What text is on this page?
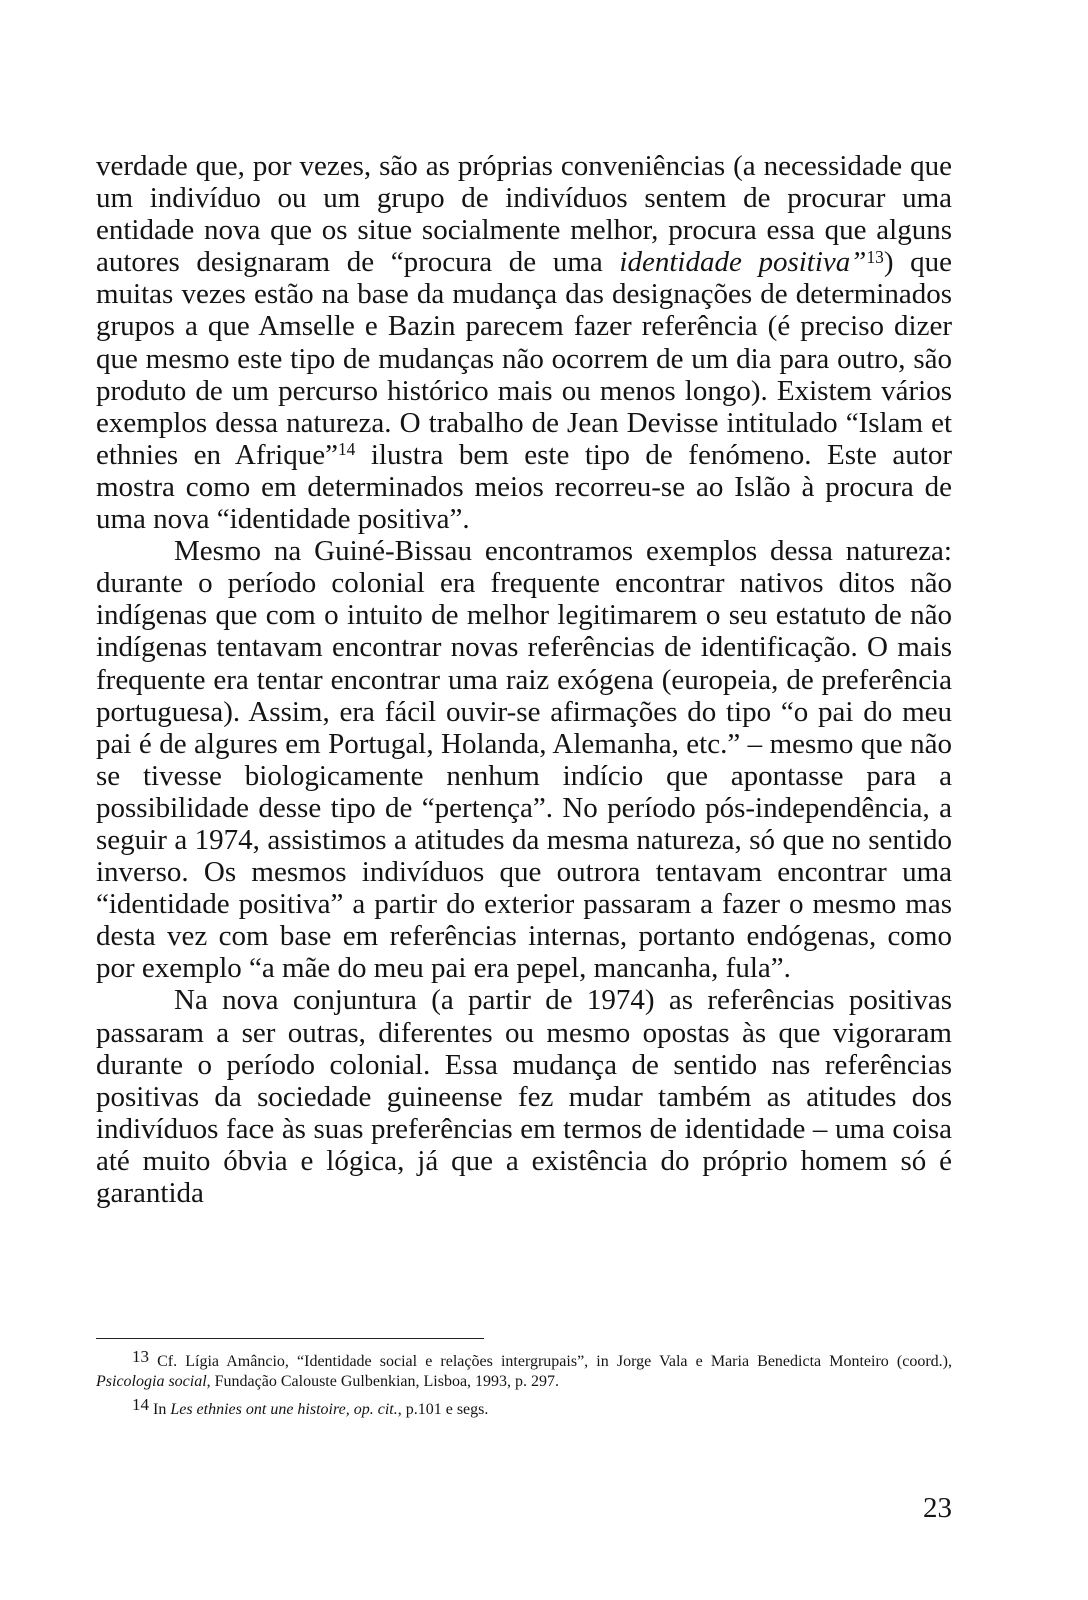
verdade que, por vezes, são as próprias conveniências (a necessidade que um indivíduo ou um grupo de indivíduos sentem de procurar uma entidade nova que os situe socialmente melhor, procura essa que alguns autores designaram de “procura de uma identidade positiva”$^{13}$) que muitas vezes estão na base da mudança das designações de determinados grupos a que Amselle e Bazin parecem fazer referência (é preciso dizer que mesmo este tipo de mudanças não ocorrem de um dia para outro, são produto de um percurso histórico mais ou menos longo). Existem vários exemplos dessa natureza. O trabalho de Jean Devisse intitulado “Islam et ethnies en Afrique”$^{14}$ ilustra bem este tipo de fenómeno. Este autor mostra como em determinados meios recorreu-se ao Islão à procura de uma nova “identidade positiva”.

Mesmo na Guiné-Bissau encontramos exemplos dessa natureza: durante o período colonial era frequente encontrar nativos ditos não indígenas que com o intuito de melhor legitimarem o seu estatuto de não indígenas tentavam encontrar novas referências de identificação. O mais frequente era tentar encontrar uma raiz exógena (europeia, de preferência portuguesa). Assim, era fácil ouvir-se afirmações do tipo “o pai do meu pai é de algures em Portugal, Holanda, Alemanha, etc.” – mesmo que não se tivesse biologicamente nenhum indício que apontasse para a possibilidade desse tipo de “pertença”. No período pós-independência, a seguir a 1974, assistimos a atitudes da mesma natureza, só que no sentido inverso. Os mesmos indivíduos que outrora tentavam encontrar uma “identidade positiva” a partir do exterior passaram a fazer o mesmo mas desta vez com base em referências internas, portanto endógenas, como por exemplo “a mãe do meu pai era pepel, mancanha, fula”.

Na nova conjuntura (a partir de 1974) as referências positivas passaram a ser outras, diferentes ou mesmo opostas às que vigoraram durante o período colonial. Essa mudança de sentido nas referências positivas da sociedade guineense fez mudar também as atitudes dos indivíduos face às suas preferências em termos de identidade – uma coisa até muito óbvia e lógica, já que a existência do próprio homem só é garantida

$^{13}$ Cf. Lígia Amâncio, “Identidade social e relações intergrupais”, in Jorge Vala e Maria Benedicta Monteiro (coord.), Psicologia social, Fundação Calouste Gulbenkian, Lisboa, 1993, p. 297.

$^{14}$ In Les ethnies ont une histoire, op. cit., p.101 e segs.

23
